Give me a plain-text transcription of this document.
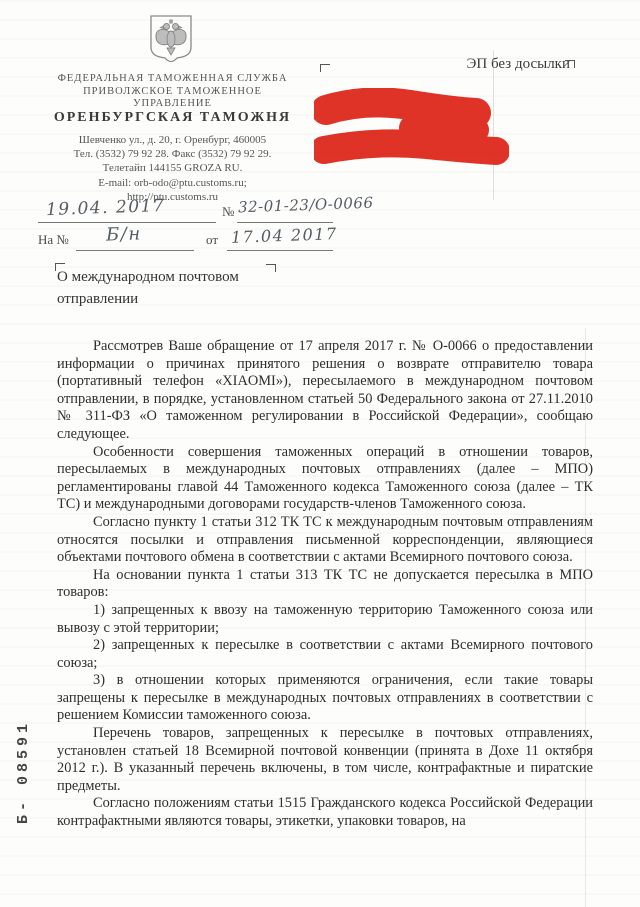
ФЕДЕРАЛЬНАЯ ТАМОЖЕННАЯ СЛУЖБА
ПРИВОЛЖСКОЕ ТАМОЖЕННОЕ
УПРАВЛЕНИЕ
ОРЕНБУРГСКАЯ ТАМОЖНЯ
Шевченко ул., д. 20, г. Оренбург, 460005
Тел. (3532) 79 92 28. Факс (3532) 79 92 29.
Телетайп 144155 GROZA RU.
E-mail: orb-odo@ptu.customs.ru;
http://ptu.customs.ru
ЭП без досылки
19.04. 2017	№ 32-01-23/О-0066
На № Б/н	от 17.04 2017
О международном почтовом
отправлении

Рассмотрев Ваше обращение от 17 апреля 2017 г. № О-0066 о предоставлении информации о причинах принятого решения о возврате отправителю товара (портативный телефон «XIAOMI»), пересылаемого в международном почтовом отправлении, в порядке, установленном статьей 50 Федерального закона от 27.11.2010 № 311-ФЗ «О таможенном регулировании в Российской Федерации», сообщаю следующее.

Особенности совершения таможенных операций в отношении товаров, пересылаемых в международных почтовых отправлениях (далее – МПО) регламентированы главой 44 Таможенного кодекса Таможенного союза (далее – ТК ТС) и международными договорами государств-членов Таможенного союза.

Согласно пункту 1 статьи 312 ТК ТС к международным почтовым отправлениям относятся посылки и отправления письменной корреспонденции, являющиеся объектами почтового обмена в соответствии с актами Всемирного почтового союза.

На основании пункта 1 статьи 313 ТК ТС не допускается пересылка в МПО товаров:

1) запрещенных к ввозу на таможенную территорию Таможенного союза или вывозу с этой территории;

2) запрещенных к пересылке в соответствии с актами Всемирного почтового союза;

3) в отношении которых применяются ограничения, если такие товары запрещены к пересылке в международных почтовых отправлениях в соответствии с решением Комиссии таможенного союза.

Перечень товаров, запрещенных к пересылке в почтовых отправлениях, установлен статьей 18 Всемирной почтовой конвенции (принята в Дохе 11 октября 2012 г.). В указанный перечень включены, в том числе, контрафактные и пиратские предметы.

Согласно положениям статьи 1515 Гражданского кодекса Российской Федерации контрафактными являются товары, этикетки, упаковки товаров, на

Б- 08591
